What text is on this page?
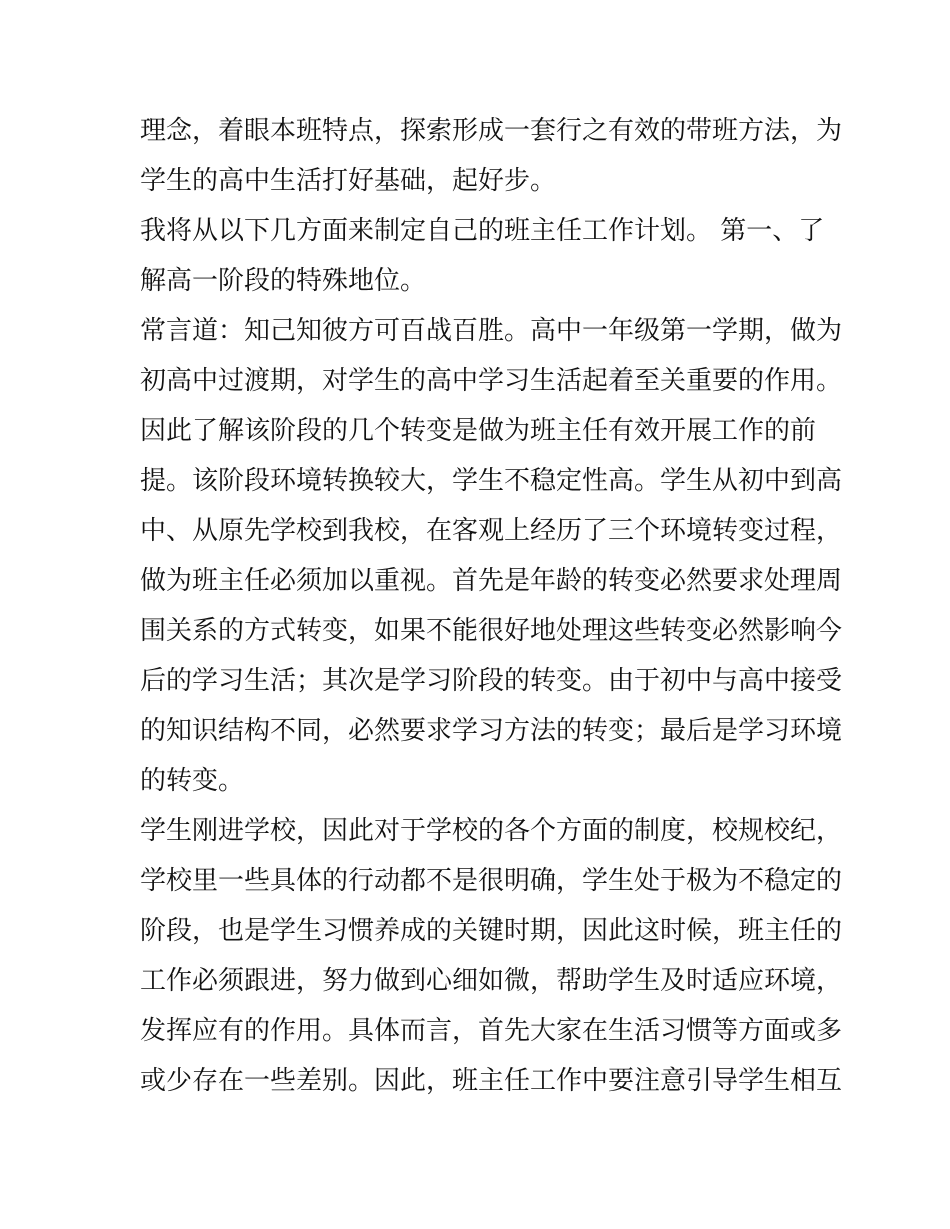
理念，着眼本班特点，探索形成一套行之有效的带班方法，为
学生的高中生活打好基础，起好步。
我将从以下几方面来制定自己的班主任工作计划。 第一、了
解高一阶段的特殊地位。
常言道：知己知彼方可百战百胜。高中一年级第一学期，做为
初高中过渡期，对学生的高中学习生活起着至关重要的作用。
因此了解该阶段的几个转变是做为班主任有效开展工作的前
提。该阶段环境转换较大，学生不稳定性高。学生从初中到高
中、从原先学校到我校，在客观上经历了三个环境转变过程，
做为班主任必须加以重视。首先是年龄的转变必然要求处理周
围关系的方式转变，如果不能很好地处理这些转变必然影响今
后的学习生活；其次是学习阶段的转变。由于初中与高中接受
的知识结构不同，必然要求学习方法的转变；最后是学习环境
的转变。
学生刚进学校，因此对于学校的各个方面的制度，校规校纪，
学校里一些具体的行动都不是很明确，学生处于极为不稳定的
阶段，也是学生习惯养成的关键时期，因此这时候，班主任的
工作必须跟进，努力做到心细如微，帮助学生及时适应环境，
发挥应有的作用。具体而言，首先大家在生活习惯等方面或多
或少存在一些差别。因此，班主任工作中要注意引导学生相互
